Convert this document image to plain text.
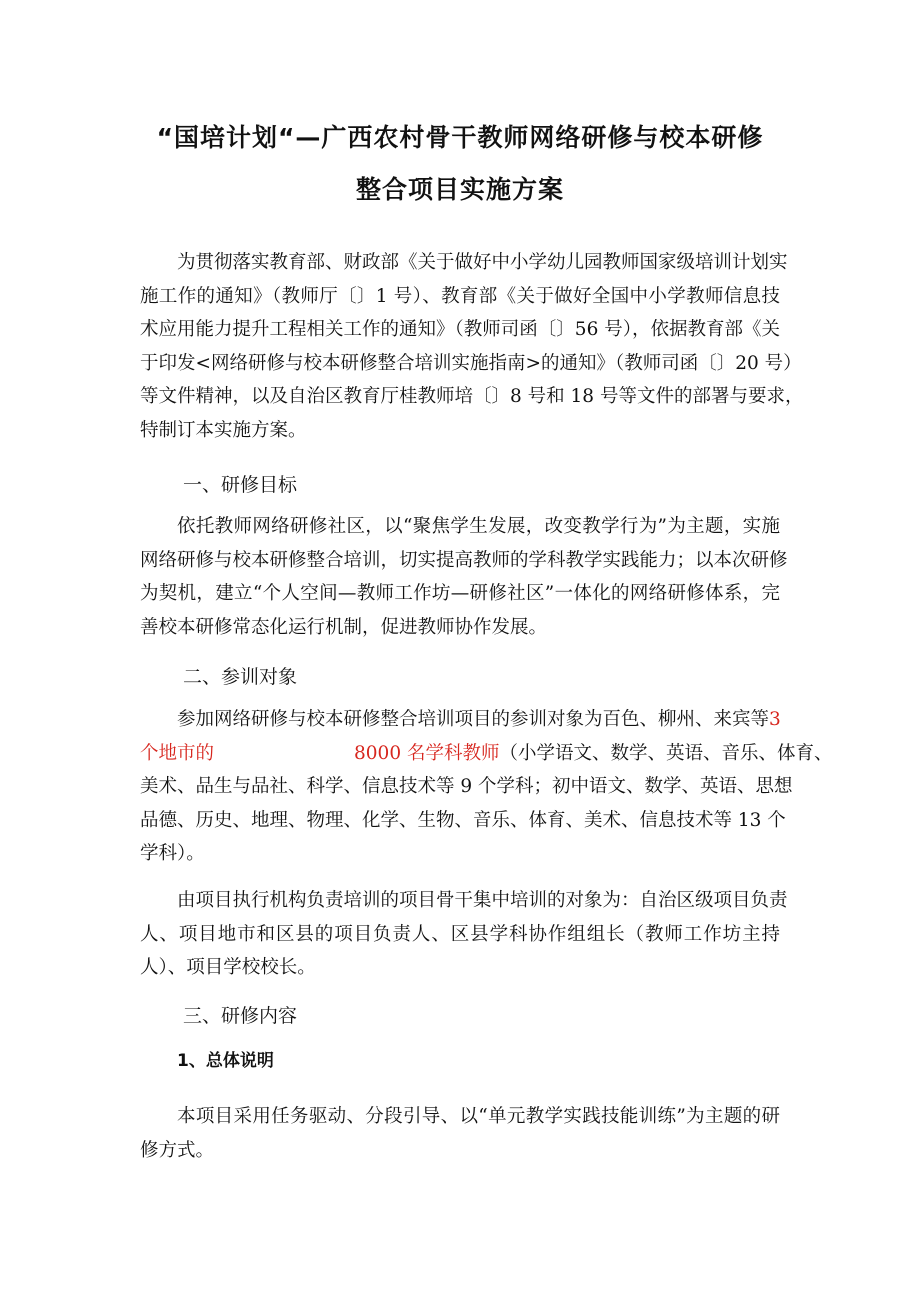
“国培计划“—广西农村骨干教师网络研修与校本研修
整合项目实施方案
为贯彻落实教育部、财政部《关于做好中小学幼儿园教师国家级培训计划实
施工作的通知》（教师厅〔〕1 号）、教育部《关于做好全国中小学教师信息技
术应用能力提升工程相关工作的通知》（教师司函〔〕56 号），依据教育部《关
于印发<网络研修与校本研修整合培训实施指南>的通知》（教师司函〔〕20 号）
等文件精神，以及自治区教育厅桂教师培〔〕8 号和 18 号等文件的部署与要求，
特制订本实施方案。
一、研修目标
依托教师网络研修社区，以“聚焦学生发展，改变教学行为”为主题，实施
网络研修与校本研修整合培训，切实提高教师的学科教学实践能力；以本次研修
为契机，建立“个人空间—教师工作坊—研修社区”一体化的网络研修体系，完
善校本研修常态化运行机制，促进教师协作发展。
二、参训对象
参加网络研修与校本研修整合培训项目的参训对象为百色、柳州、来宾等3
个地市的	8000 名学科教师（小学语文、数学、英语、音乐、体育、
美术、品生与品社、科学、信息技术等 9 个学科；初中语文、数学、英语、思想
品德、历史、地理、物理、化学、生物、音乐、体育、美术、信息技术等 13 个
学科）。
由项目执行机构负责培训的项目骨干集中培训的对象为：自治区级项目负责
人、项目地市和区县的项目负责人、区县学科协作组组长（教师工作坊主持
人）、项目学校校长。
三、研修内容
1、总体说明
本项目采用任务驱动、分段引导、以“单元教学实践技能训练”为主题的研
修方式。
